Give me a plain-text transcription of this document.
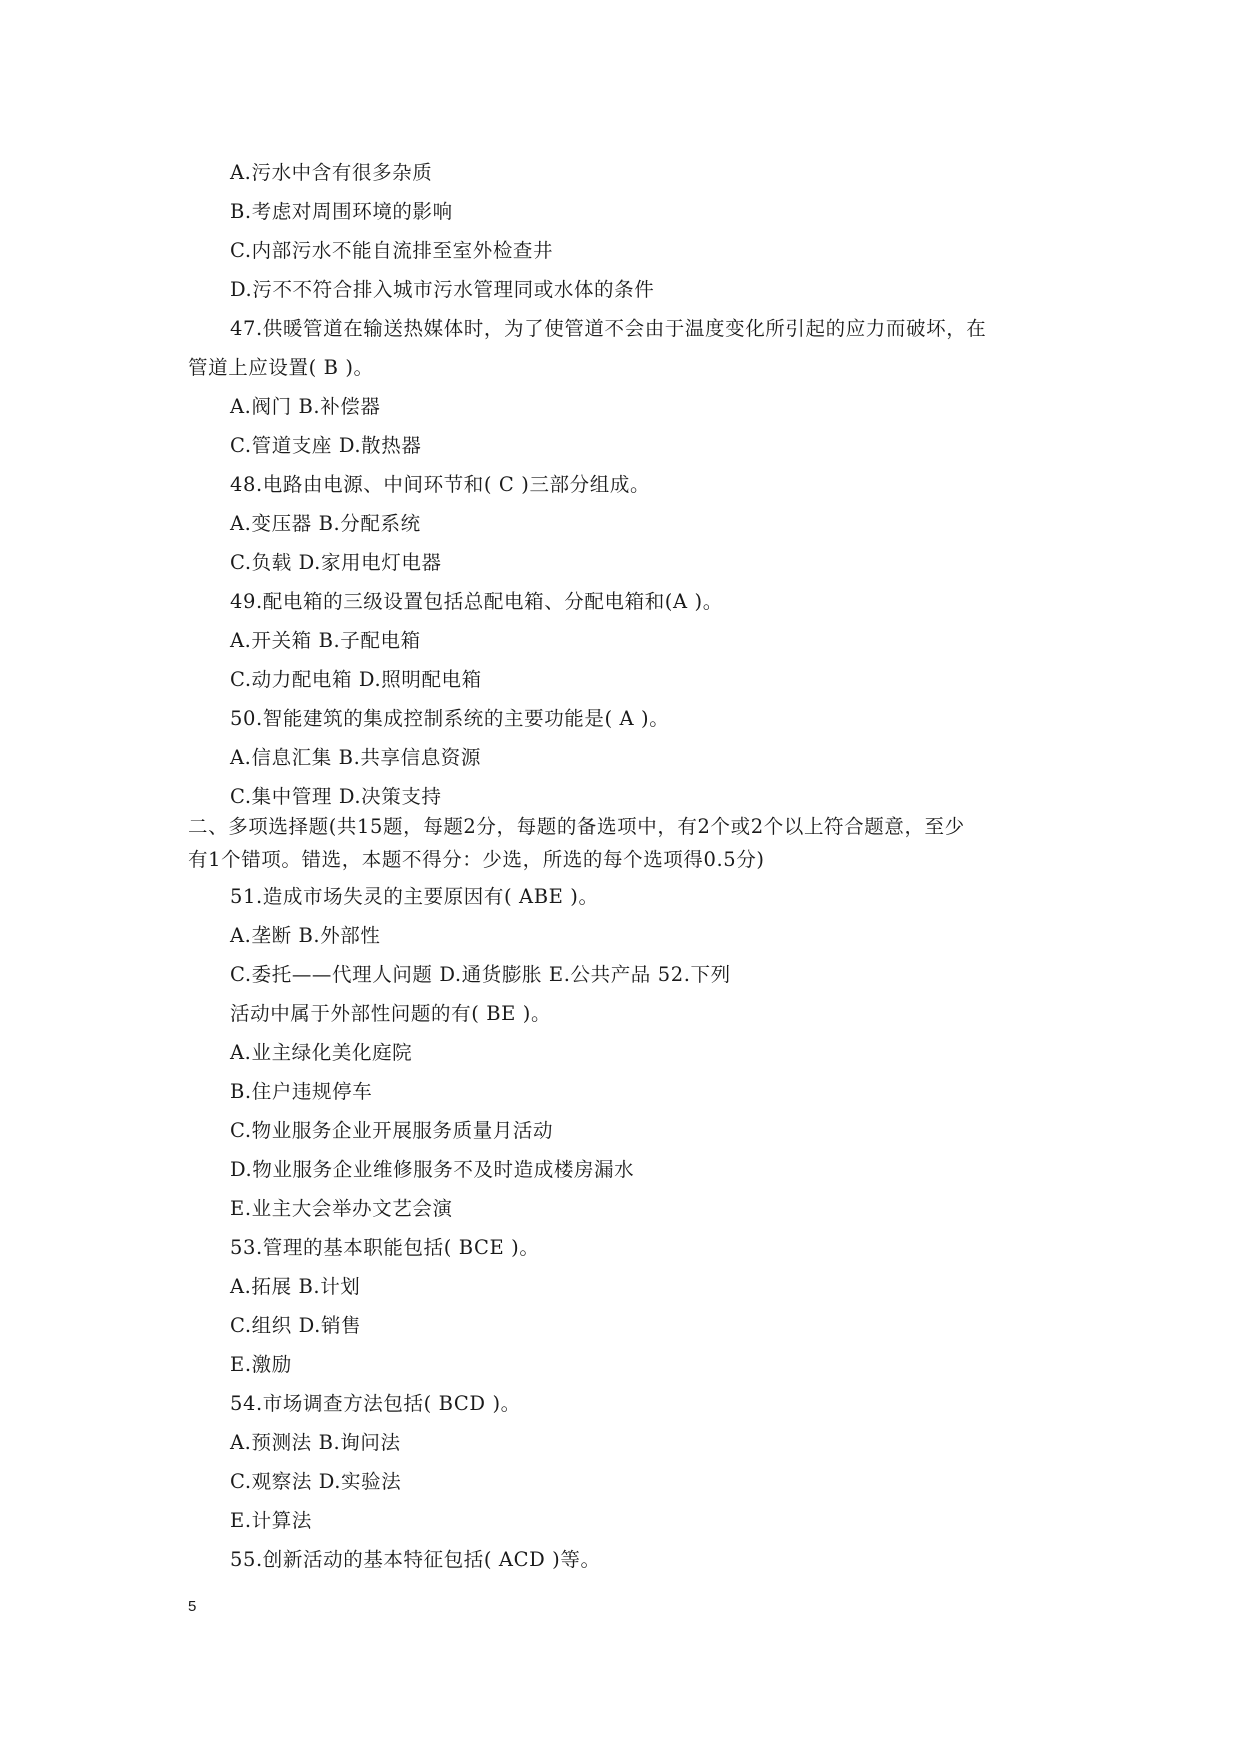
A.污水中含有很多杂质
B.考虑对周围环境的影响
C.内部污水不能自流排至室外检查井
D.污不不符合排入城市污水管理同或水体的条件
47.供暖管道在输送热媒体时，为了使管道不会由于温度变化所引起的应力而破坏，在
管道上应设置( B )。
A.阀门 B.补偿器
C.管道支座 D.散热器
48.电路由电源、中间环节和( C )三部分组成。
A.变压器 B.分配系统
C.负载 D.家用电灯电器
49.配电箱的三级设置包括总配电箱、分配电箱和(A )。
A.开关箱 B.子配电箱
C.动力配电箱 D.照明配电箱
50.智能建筑的集成控制系统的主要功能是( A )。
A.信息汇集 B.共享信息资源
C.集中管理 D.决策支持
二、多项选择题(共15题，每题2分，每题的备选项中，有2个或2个以上符合题意，至少
有1个错项。错选，本题不得分：少选，所选的每个选项得0.5分)
51.造成市场失灵的主要原因有( ABE )。
A.垄断 B.外部性
C.委托——代理人问题 D.通货膨胀 E.公共产品 52.下列
活动中属于外部性问题的有( BE )。
A.业主绿化美化庭院
B.住户违规停车
C.物业服务企业开展服务质量月活动
D.物业服务企业维修服务不及时造成楼房漏水
E.业主大会举办文艺会演
53.管理的基本职能包括( BCE )。
A.拓展 B.计划
C.组织 D.销售
E.激励
54.市场调查方法包括( BCD )。
A.预测法 B.询问法
C.观察法 D.实验法
E.计算法
55.创新活动的基本特征包括( ACD )等。
5
